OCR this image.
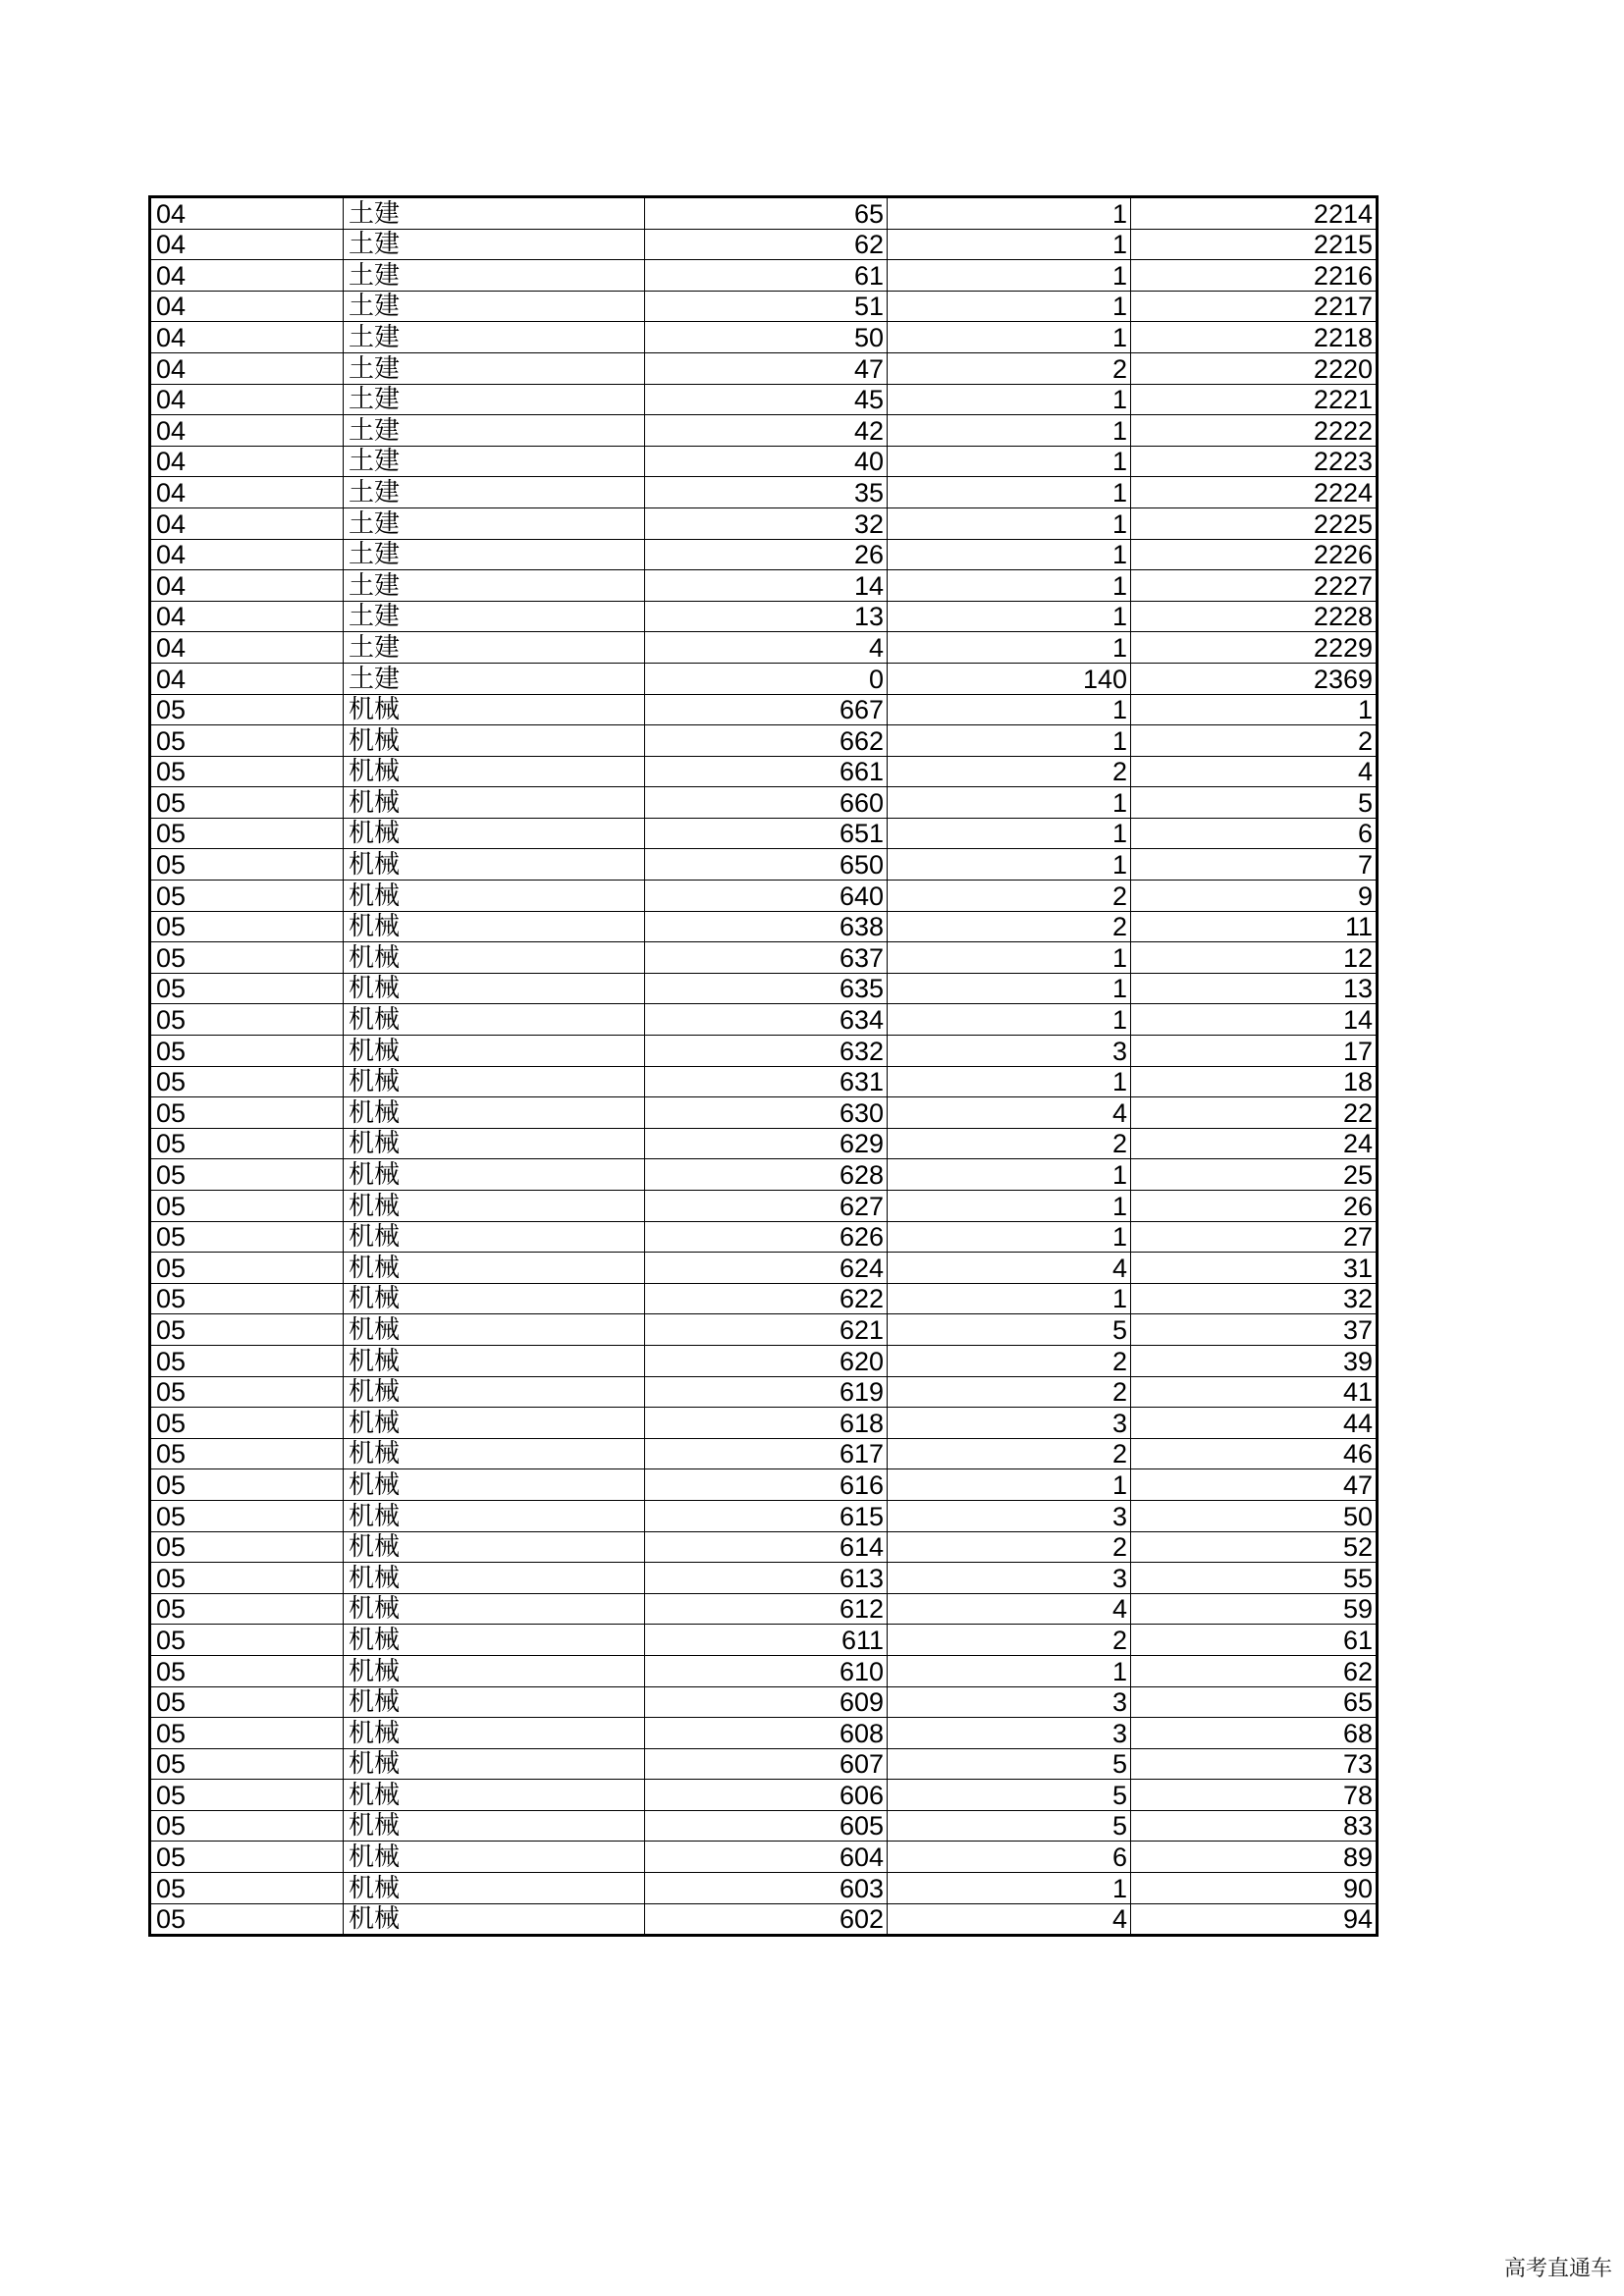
04	土建	65	1	2214
04	土建	62	1	2215
04	土建	61	1	2216
04	土建	51	1	2217
04	土建	50	1	2218
04	土建	47	2	2220
04	土建	45	1	2221
04	土建	42	1	2222
04	土建	40	1	2223
04	土建	35	1	2224
04	土建	32	1	2225
04	土建	26	1	2226
04	土建	14	1	2227
04	土建	13	1	2228
04	土建	4	1	2229
04	土建	0	140	2369
05	机械	667	1	1
05	机械	662	1	2
05	机械	661	2	4
05	机械	660	1	5
05	机械	651	1	6
05	机械	650	1	7
05	机械	640	2	9
05	机械	638	2	11
05	机械	637	1	12
05	机械	635	1	13
05	机械	634	1	14
05	机械	632	3	17
05	机械	631	1	18
05	机械	630	4	22
05	机械	629	2	24
05	机械	628	1	25
05	机械	627	1	26
05	机械	626	1	27
05	机械	624	4	31
05	机械	622	1	32
05	机械	621	5	37
05	机械	620	2	39
05	机械	619	2	41
05	机械	618	3	44
05	机械	617	2	46
05	机械	616	1	47
05	机械	615	3	50
05	机械	614	2	52
05	机械	613	3	55
05	机械	612	4	59
05	机械	611	2	61
05	机械	610	1	62
05	机械	609	3	65
05	机械	608	3	68
05	机械	607	5	73
05	机械	606	5	78
05	机械	605	5	83
05	机械	604	6	89
05	机械	603	1	90
05	机械	602	4	94
高考直通车
